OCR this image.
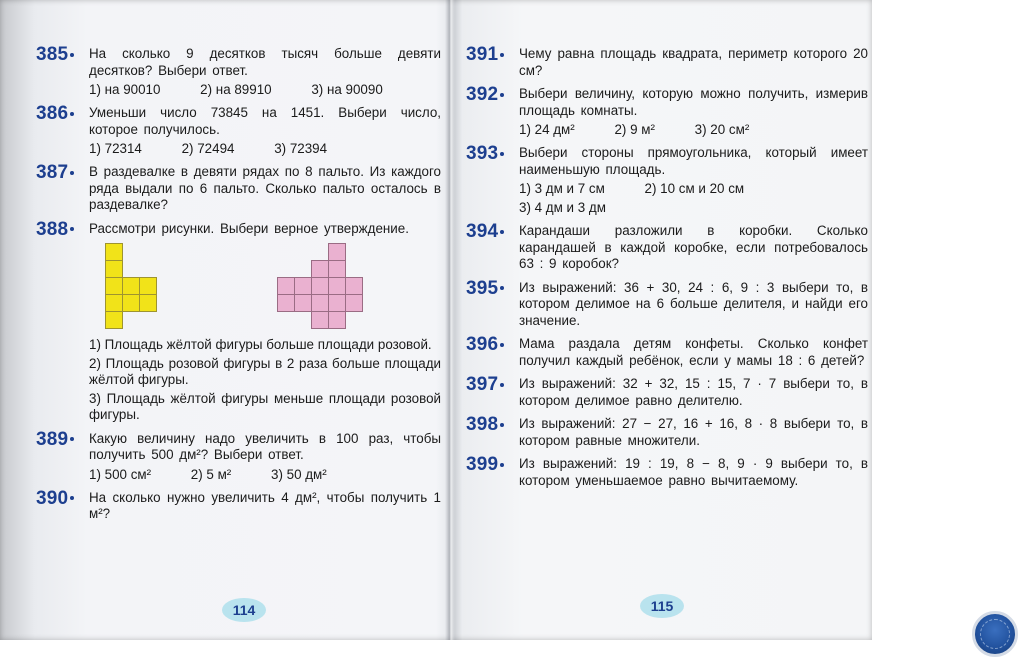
385	На сколько 9 десятков тысяч больше девяти десятков? Выбери ответ.
1) на 90010	2) на 89910	3) на 90090
386	Уменьши число 73845 на 1451. Выбери число, которое получилось.
1) 72314	2) 72494	3) 72394
387	В раздевалке в девяти рядах по 8 пальто. Из каждого ряда выдали по 6 пальто. Сколько пальто осталось в раздевалке?
388	Рассмотри рисунки. Выбери верное утверждение.
1) Площадь жёлтой фигуры больше площади розовой.
2) Площадь розовой фигуры в 2 раза больше площади жёлтой фигуры.
3) Площадь жёлтой фигуры меньше площади розовой фигуры.
389	Какую величину надо увеличить в 100 раз, чтобы получить 500 дм²? Выбери ответ.
1) 500 см²	2) 5 м²	3) 50 дм²
390	На сколько нужно увеличить 4 дм², чтобы получить 1 м²?
114
391	Чему равна площадь квадрата, периметр которого 20 см?
392	Выбери величину, которую можно получить, измерив площадь комнаты.
1) 24 дм²	2) 9 м²	3) 20 см²
393	Выбери стороны прямоугольника, который имеет наименьшую площадь.
1) 3 дм и 7 см	2) 10 см и 20 см
3) 4 дм и 3 дм
394	Карандаши разложили в коробки. Сколько карандашей в каждой коробке, если потребовалось 63 : 9 коробок?
395	Из выражений: 36 + 30, 24 : 6, 9 : 3 выбери то, в котором делимое на 6 больше делителя, и найди его значение.
396	Мама раздала детям конфеты. Сколько конфет получил каждый ребёнок, если у мамы 18 : 6 детей?
397	Из выражений: 32 + 32, 15 : 15, 7 · 7 выбери то, в котором делимое равно делителю.
398	Из выражений: 27 − 27, 16 + 16, 8 · 8 выбери то, в котором равные множители.
399	Из выражений: 19 : 19, 8 − 8, 9 · 9 выбери то, в котором уменьшаемое равно вычитаемому.
115
